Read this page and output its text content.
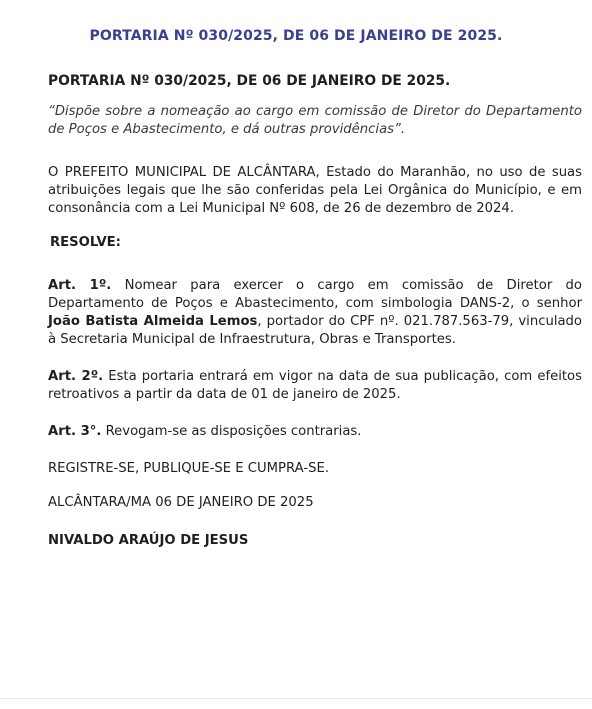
PORTARIA Nº 030/2025, DE 06 DE JANEIRO DE 2025.

PORTARIA Nº 030/2025, DE 06 DE JANEIRO DE 2025.

“Dispõe sobre a nomeação ao cargo em comissão de Diretor do Departamento de Poços e Abastecimento, e dá outras providências”.

O PREFEITO MUNICIPAL DE ALCÂNTARA, Estado do Maranhão, no uso de suas atribuições legais que lhe são conferidas pela Lei Orgânica do Município, e em consonância com a Lei Municipal Nº 608, de 26 de dezembro de 2024.

RESOLVE:

Art. 1º. Nomear para exercer o cargo em comissão de Diretor do Departamento de Poços e Abastecimento, com simbologia DANS-2, o senhor João Batista Almeida Lemos, portador do CPF nº. 021.787.563-79, vinculado à Secretaria Municipal de Infraestrutura, Obras e Transportes.

Art. 2º. Esta portaria entrará em vigor na data de sua publicação, com efeitos retroativos a partir da data de 01 de janeiro de 2025.

Art. 3°. Revogam-se as disposições contrarias.

REGISTRE-SE, PUBLIQUE-SE E CUMPRA-SE.

ALCÂNTARA/MA 06 DE JANEIRO DE 2025

NIVALDO ARAÚJO DE JESUS
